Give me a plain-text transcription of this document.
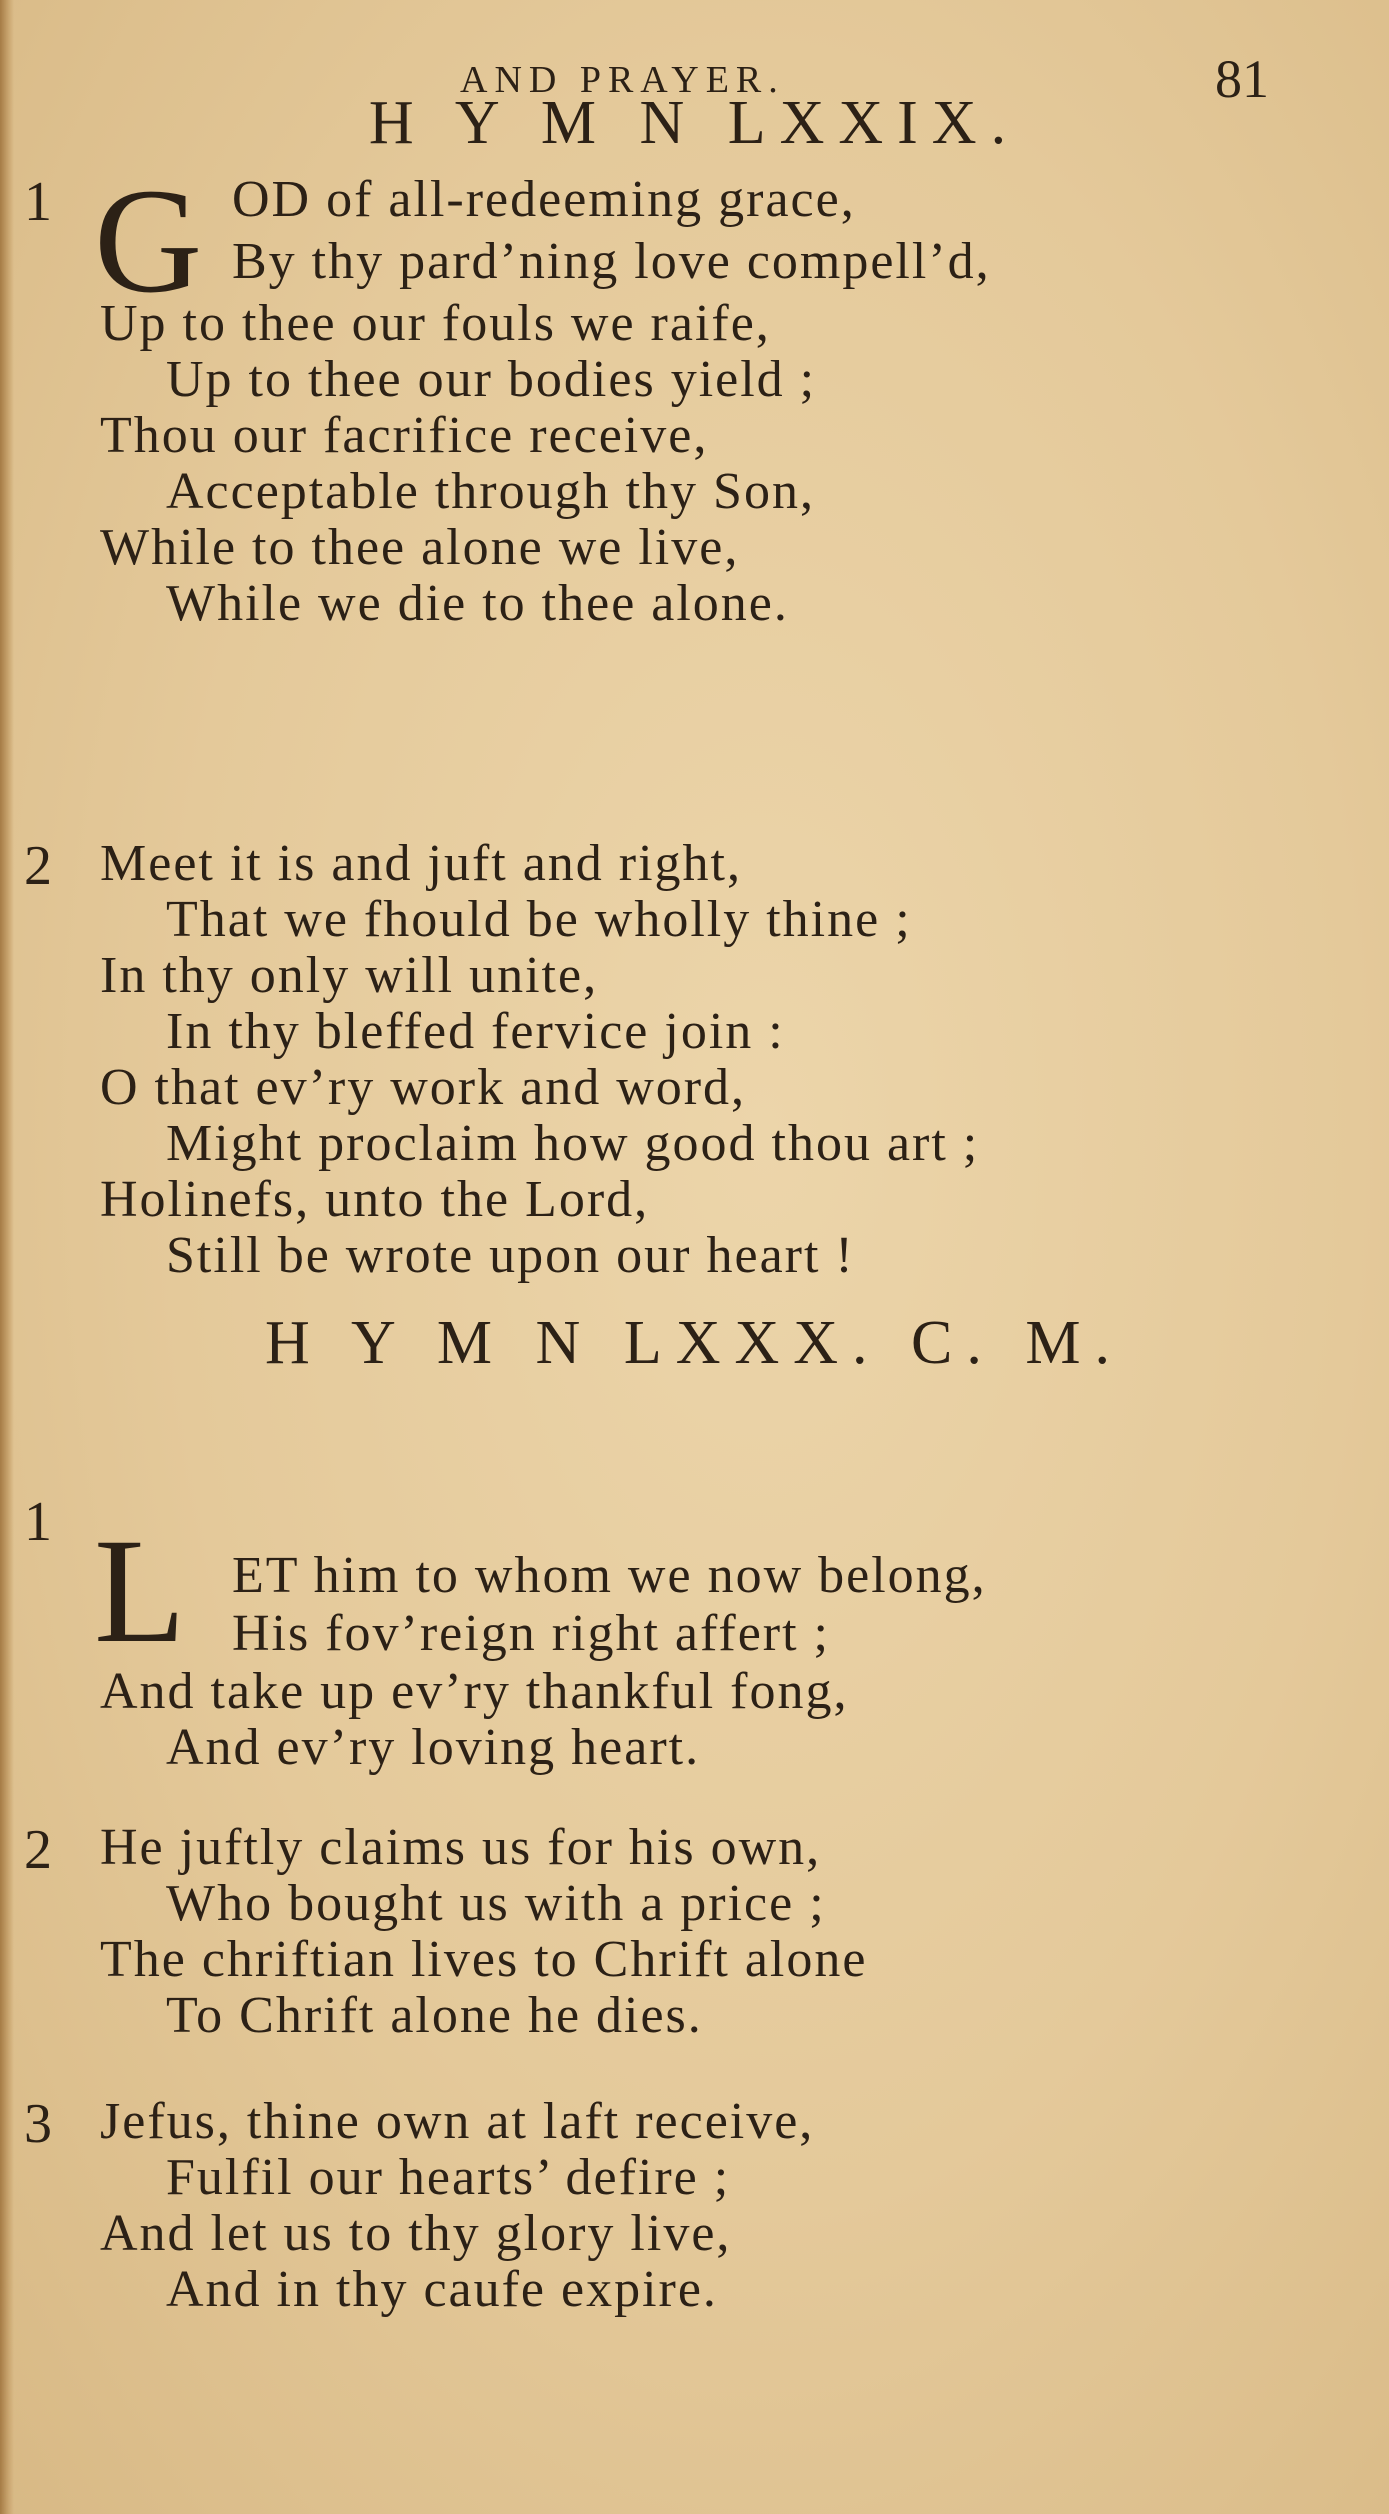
AND PRAYER.	81
H Y M N LXXIX.
1 G OD of all-redeeming grace,
By thy pard’ning love compell’d,
Up to thee our fouls we raife,
Up to thee our bodies yield ;
Thou our facrifice receive,
Acceptable through thy Son,
While to thee alone we live,
While we die to thee alone.
2 Meet it is and juft and right,
That we fhould be wholly thine ;
In thy only will unite,
In thy bleffed fervice join :
O that ev’ry work and word,
Might proclaim how good thou art ;
Holinefs, unto the Lord,
Still be wrote upon our heart !
H Y M N LXXX. C. M.
1 L ET him to whom we now belong,
His fov’reign right affert ;
And take up ev’ry thankful fong,
And ev’ry loving heart.
2 He juftly claims us for his own,
Who bought us with a price ;
The chriftian lives to Chrift alone
To Chrift alone he dies.
3 Jefus, thine own at laft receive,
Fulfil our hearts’ defire ;
And let us to thy glory live,
And in thy caufe expire.
